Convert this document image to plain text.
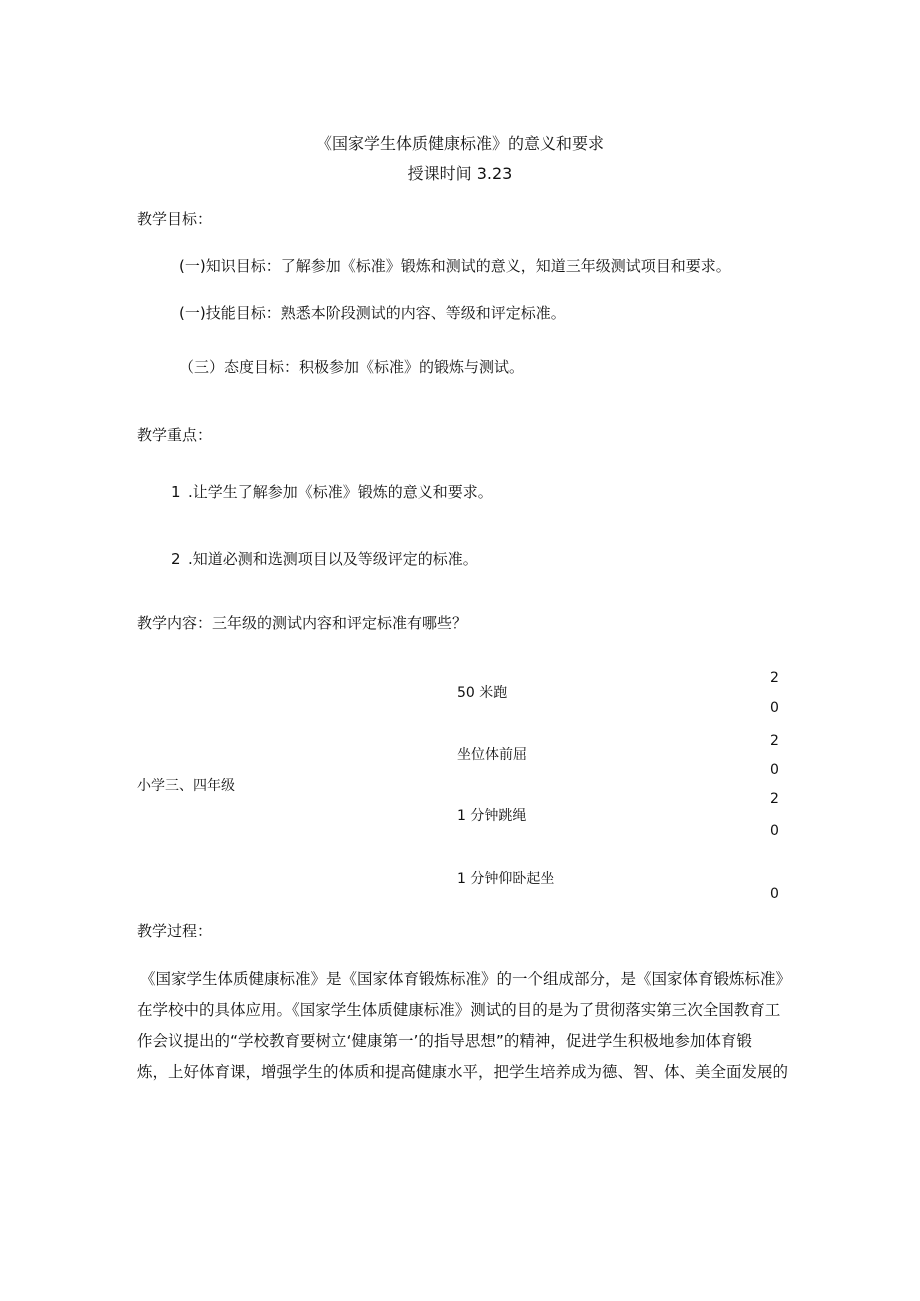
《国家学生体质健康标准》的意义和要求
授课时间 3.23
教学目标：
(一)知识目标：了解参加《标准》锻炼和测试的意义，知道三年级测试项目和要求。
(一)技能目标：熟悉本阶段测试的内容、等级和评定标准。
（三）态度目标：积极参加《标准》的锻炼与测试。
教学重点：
1 .让学生了解参加《标准》锻炼的意义和要求。
2 .知道必测和选测项目以及等级评定的标准。
教学内容：三年级的测试内容和评定标准有哪些？
小学三、四年级
50 米跑
坐位体前屈
1 分钟跳绳
1 分钟仰卧起坐
2
0
2
0
2
0
0
教学过程：
《国家学生体质健康标准》是《国家体育锻炼标准》的一个组成部分，是《国家体育锻炼标准》
在学校中的具体应用。《国家学生体质健康标准》测试的目的是为了贯彻落实第三次全国教育工
作会议提出的“学校教育要树立‘健康第一’的指导思想”的精神，促进学生积极地参加体育锻
炼，上好体育课，增强学生的体质和提高健康水平，把学生培养成为德、智、体、美全面发展的
